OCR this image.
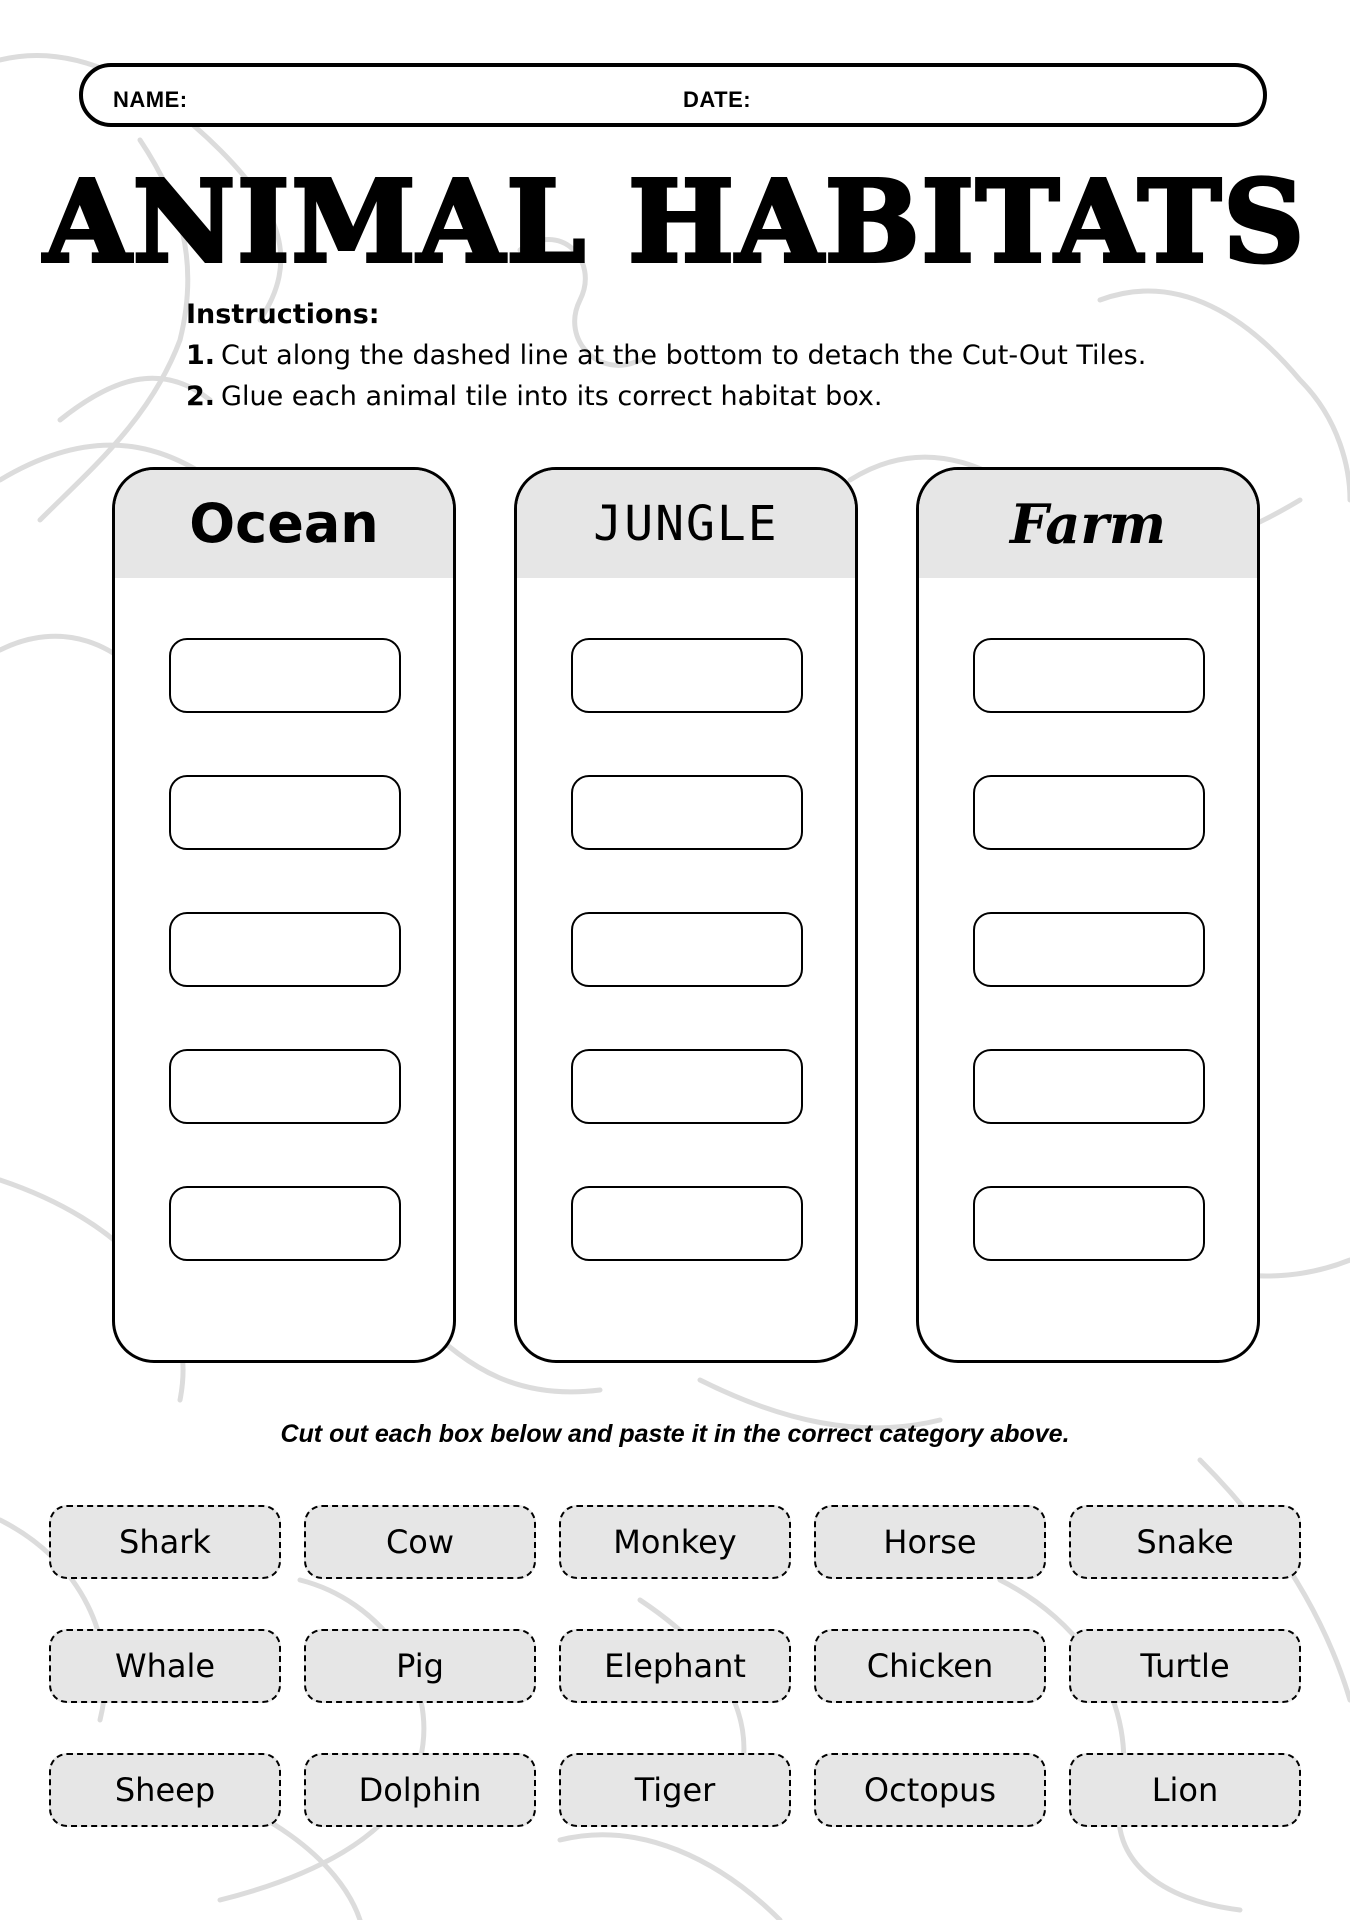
NAME:	DATE:
ANIMAL HABITATS
Instructions:
1. Cut along the dashed line at the bottom to detach the Cut-Out Tiles.
2. Glue each animal tile into its correct habitat box.
Ocean	JUNGLE	Farm
Cut out each box below and paste it in the correct category above.
Shark	Cow	Monkey	Horse	Snake
Whale	Pig	Elephant	Chicken	Turtle
Sheep	Dolphin	Tiger	Octopus	Lion
